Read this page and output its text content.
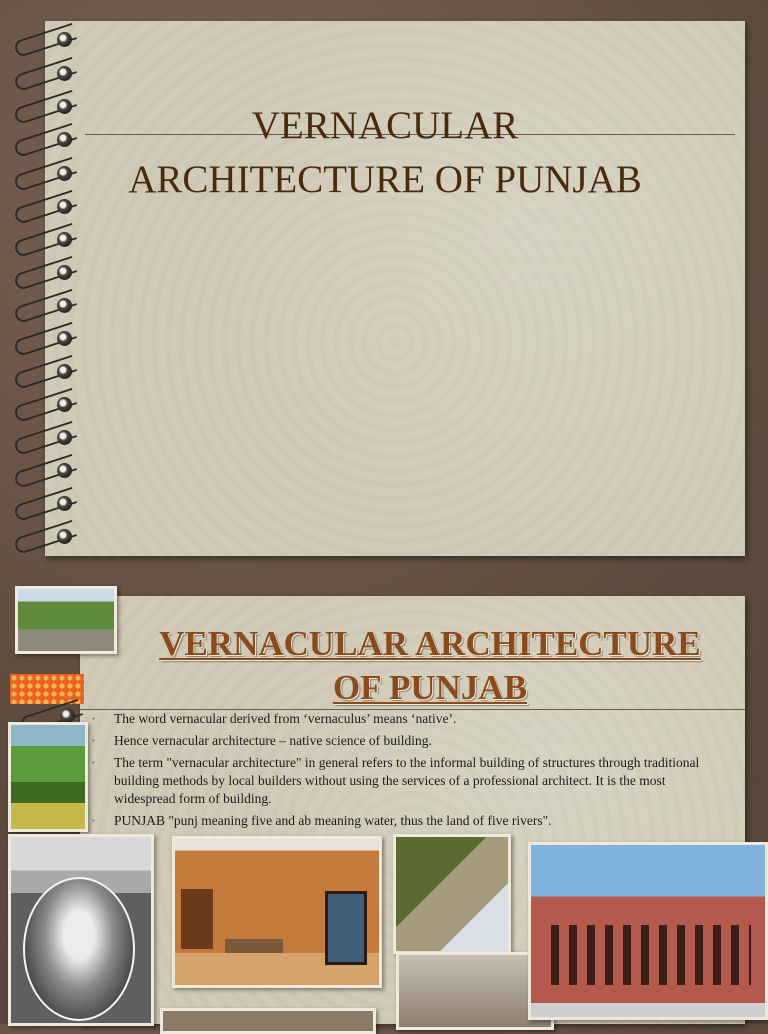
VERNACULAR
ARCHITECTURE OF PUNJAB
VERNACULAR ARCHITECTURE
OF PUNJAB
▪ The word vernacular derived from ‘vernaculus’ means ‘native’.
▪ Hence vernacular architecture – native science of building.
▪ The term "vernacular architecture" in general refers to the informal building of structures through traditional building methods by local builders without using the services of a professional architect. It is the most widespread form of building.
▪ PUNJAB "punj meaning five and ab meaning water, thus the land of five rivers".
